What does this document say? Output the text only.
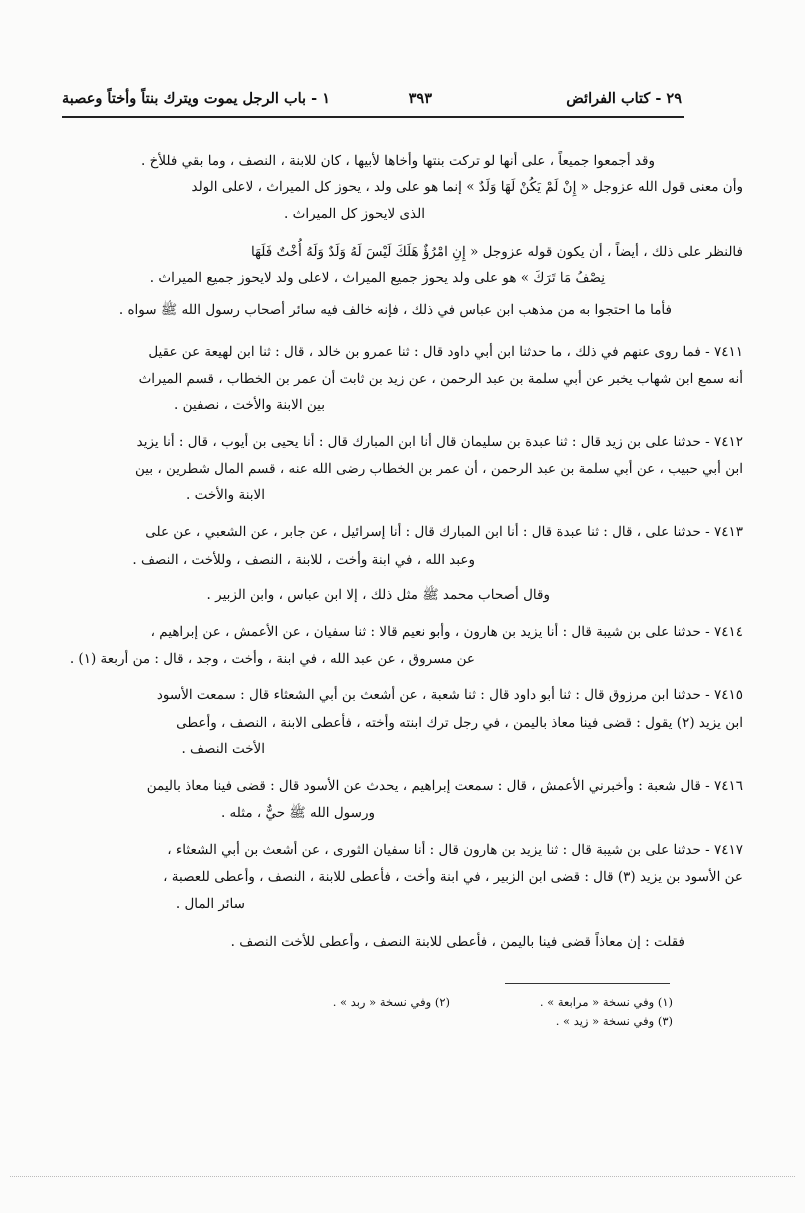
٢٩ - كتاب الفرائض
٣٩٣
١ - باب الرجل يموت ويترك بنتاً وأختاً وعصبة
وقد أجمعوا جميعاً ، على أنها لو تركت بنتها وأخاها لأبيها ، كان للابنة ، النصف ، وما بقي فللأخ .
وأن معنى قول الله عزوجل « إِنْ لَمْ يَكُنْ لَهَا وَلَدٌ » إنما هو على ولد ، يحوز كل الميراث ، لاعلى الولد
الذى لايحوز كل الميراث .
فالنظر على ذلك ، أيضاً ، أن يكون قوله عزوجل « إِنِ امْرُؤٌ هَلَكَ لَيْسَ لَهُ وَلَدٌ وَلَهُ أُخْتٌ فَلَهَا
نِصْفُ مَا تَرَكَ » هو على ولد يحوز جميع الميراث ، لاعلى ولد لايحوز جميع الميراث .
فأما ما احتجوا به من مذهب ابن عباس في ذلك ، فإنه خالف فيه سائر أصحاب رسول الله ﷺ سواه .
٧٤١١ - فما روى عنهم في ذلك ، ما حدثنا ابن أبي داود قال : ثنا عمرو بن خالد ، قال : ثنا ابن لهيعة عن عقيل
أنه سمع ابن شهاب يخبر عن أبي سلمة بن عبد الرحمن ، عن زيد بن ثابت أن عمر بن الخطاب ، قسم الميراث
بين الابنة والأخت ، نصفين .
٧٤١٢ - حدثنا على بن زيد قال : ثنا عبدة بن سليمان قال أنا ابن المبارك قال : أنا يحيى بن أيوب ، قال : أنا يزيد
ابن أبي حبيب ، عن أبي سلمة بن عبد الرحمن ، أن عمر بن الخطاب رضى الله عنه ، قسم المال شطرين ، بين
الابنة والأخت .
٧٤١٣ - حدثنا على ، قال : ثنا عبدة قال : أنا ابن المبارك قال : أنا إسرائيل ، عن جابر ، عن الشعبي ، عن على
وعبد الله ، في ابنة وأخت ، للابنة ، النصف ، وللأخت ، النصف .
وقال أصحاب محمد ﷺ مثل ذلك ، إلا ابن عباس ، وابن الزبير .
٧٤١٤ - حدثنا على بن شيبة قال : أنا يزيد بن هارون ، وأبو نعيم قالا : ثنا سفيان ، عن الأعمش ، عن إبراهيم ،
عن مسروق ، عن عبد الله ، في ابنة ، وأخت ، وجد ، قال : من أربعة (١) .
٧٤١٥ - حدثنا ابن مرزوق قال : ثنا أبو داود قال : ثنا شعبة ، عن أشعث بن أبي الشعثاء قال : سمعت الأسود
ابن يزيد (٢) يقول : قضى فينا معاذ باليمن ، في رجل ترك ابنته وأخته ، فأعطى الابنة ، النصف ، وأعطى
الأخت النصف .
٧٤١٦ - قال شعبة : وأخبرني الأعمش ، قال : سمعت إبراهيم ، يحدث عن الأسود قال : قضى فينا معاذ باليمن
ورسول الله ﷺ حيٌّ ، مثله .
٧٤١٧ - حدثنا على بن شيبة قال : ثنا يزيد بن هارون قال : أنا سفيان الثورى ، عن أشعث بن أبي الشعثاء ،
عن الأسود بن يزيد (٣) قال : قضى ابن الزبير ، في ابنة وأخت ، فأعطى للابنة ، النصف ، وأعطى للعصبة ،
سائر المال .
فقلت : إن معاذاً قضى فينا باليمن ، فأعطى للابنة النصف ، وأعطى للأخت النصف .
(١) وفي نسخة « مرابعة » .
(٢) وفي نسخة « ربد » .
(٣) وفي نسخة « زيد » .
